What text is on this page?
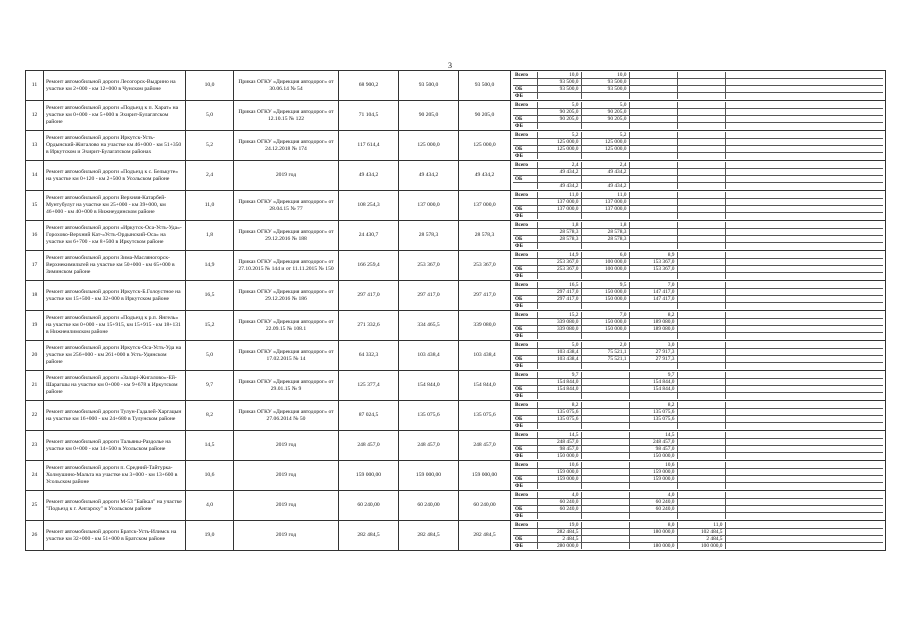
3
11	Ремонт автомобильной дороги Лесогорск-Выдрино на участке км 2+000 - км 12+000 в Чунском районе	10,0	Приказ ОГКУ «Дирекция автодорог» от 30.06.14 № 54	68 900,2	93 500,0	93 500,0	
Всего	10,0	10,0			
	93 500,0	93 500,0			
ОБ	93 500,0	93 500,0			
ФБ					

12	Ремонт автомобильной дороги «Подъезд к п. Харат» на участке км 0+000 - км 5+000 в Эхирит-Булагатском районе	5,0	Приказ ОГКУ «Дирекция автодорог» от 12.10.15 № 122	71 104,5	90 205,0	90 205,0	
Всего	5,0	5,0			
	90 205,0	90 205,0			
ОБ	90 205,0	90 205,0			
ФБ					

13	Ремонт автомобильной дороги Иркутск-Усть-Ордынский-Жигалово на участке км 46+000 - км 51+350 в Иркутском и Эхирит-Булагатском районах	5,2	Приказ ОГКУ «Дирекция автодорог» от 24.12.2018 № 174	117 614,4	125 000,0	125 000,0	
Всего	5,2	5,2			
	125 000,0	125 000,0			
ОБ	125 000,0	125 000,0			
ФБ					

14	Ремонт автомобильной дороги «Подъезд к с. Белькуте» на участке км 0+120 - км 2+500 в Усольском районе	2,4	2019 год	49 434,2	49 434,2	49 434,2	
Всего	2,4	2,4			
	49 434,2	49 434,2			
ОБ					
	49 434,2	49 434,2			

15	Ремонт автомобильной дороги Верхняя-Катарбей-Мунтубулуг на участке км 25+000 - км 39+000, км 46+000 - км 40+000 в Нижнеудинском районе	11,0	Приказ ОГКУ «Дирекция автодорог» от 28.04.15 № 77	108 254,3	137 000,0	137 000,0	
Всего	11,0	11,0			
	137 000,0	137 000,0			
ОБ	137 000,0	137 000,0			
ФБ					

16	Ремонт автомобильной дороги «Иркутск-Оса-Усть-Уда»-Горохово-Верхний Кат-«Усть-Ордынский-Оса» на участке км 6+700 - км 8+500 в Иркутском районе	1,8	Приказ ОГКУ «Дирекция автодорог» от 29.12.2016 № 188	24 430,7	28 578,3	28 578,3	
Всего	1,8	1,8			
	28 578,3	28 578,3			
ОБ	28 578,3	28 578,3			
ФБ					

17	Ремонт автомобильной дороги Зима-Масляногорск-Верхнекимильтей на участке км 50+000 - км 65+000 в Зиминском районе	14,9	Приказ ОГКУ «Дирекция автодорог» от 27.10.2015 № 144 и от 11.11.2015 № 150	166 259,4	253 367,0	253 367,0	
Всего	14,9	6,0	8,9		
	253 367,0	100 000,0	153 367,0		
ОБ	253 367,0	100 000,0	153 367,0		
ФБ					

18	Ремонт автомобильной дороги Иркутск-Б.Голоустное на участке км 15+500 - км 32+000 в Иркутском районе	16,5	Приказ ОГКУ «Дирекция автодорог» от 29.12.2016 № 186	297 417,0	297 417,0	297 417,0	
Всего	16,5	9,5	7,0		
	297 417,0	150 000,0	147 417,0		
ОБ	297 417,0	150 000,0	147 417,0		
ФБ					

19	Ремонт автомобильной дороги «Подъезд к р.п. Янгель» на участке км 0+000 - км 15+915, км 15+915 - км 18+131 в Нижнеилимском районе	15,2	Приказ ОГКУ «Дирекция автодорог» от 22.09.15 № 108.1	271 332,6	334 465,5	339 080,0	
Всего	15,2	7,0	8,2		
	339 080,0	150 000,0	189 080,0		
ОБ	339 080,0	150 000,0	189 080,0		
ФБ					

20	Ремонт автомобильной дороги Иркутск-Оса-Усть-Уда на участке км 256+000 - км 261+000 в Усть-Удинском районе	5,0	Приказ ОГКУ «Дирекция автодорог» от 17.02.2015 № 14	64 332,3	103 438,4	103 438,4	
Всего	5,0	2,0	3,0		
	103 438,4	75 521,1	27 917,3		
ОБ	103 438,4	75 521,1	27 917,3		
ФБ					

21	Ремонт автомобильной дороги «Заларі-Жигалово»-Ей-Шарагшы на участке км 0+000 - км 9+678 в Иркутском районе	9,7	Приказ ОГКУ «Дирекция автодорог» от 29.01.15 № 9	125 377,4	154 844,0	154 844,0	
Всего	9,7		9,7		
	154 844,0		154 844,0		
ОБ	154 844,0		154 844,0		
ФБ					

22	Ремонт автомобильной дороги Тулун-Гадалей-Харгацын на участке км 16+000 - км 24+680 в Тулунском районе	8,2	Приказ ОГКУ «Дирекция автодорог» от 27.06.2014 № 50	87 024,5	135 075,6	135 075,6	
Всего	8,2		8,2		
	135 075,6		135 075,6		
ОБ	135 075,6		135 075,6		
ФБ					

23	Ремонт автомобильной дороги Тальяны-Раздолье на участке км 0+000 - км 14+500 в Усольском районе	14,5	2019 год	248 457,0	248 457,0	248 457,0	
Всего	14,5		14,5		
	248 457,0		248 457,0		
ОБ	98 457,0		98 457,0		
ФБ	150 000,0		150 000,0		

24	Ремонт автомобильной дороги п. Средний-Тайтурка-Холмушино-Мальта на участке км 3+000 - км 13+600 в Усольском районе	10,6	2019 год	159 000,00	159 000,00	159 000,00	
Всего	10,6		10,6		
	159 000,0		159 000,0		
ОБ	159 000,0		159 000,0		
ФБ					

25	Ремонт автомобильной дороги М-53 "Байкал" на участке "Подъезд к г. Ангарску" в Усольском районе	4,0	2019 год	60 240,00	60 240,00	60 240,00	
Всего	4,0		4,0		
	60 240,0		60 240,0		
ОБ	60 240,0		60 240,0		
ФБ					

26	Ремонт автомобильной дороги Братск-Усть-Илимск на участке км 32+000 - км 51+000 в Братском районе	19,0	2019 год	282 484,5	282 484,5	282 484,5	
Всего	19,0		8,0	11,0	
	282 484,5		180 000,0	102 484,5	
ОБ	2 484,5			2 484,5	
ФБ	280 000,0		180 000,0	100 000,0	
